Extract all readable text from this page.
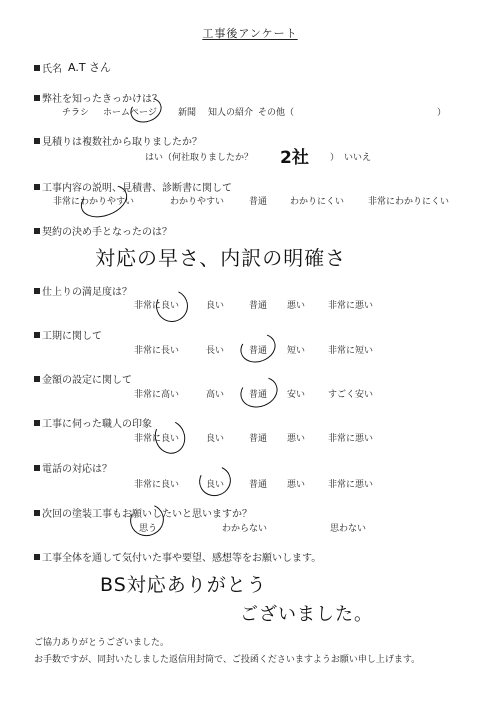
工事後アンケート
氏名 A.T さん
弊社を知ったきっかけは？
チラシ ホームページ 新聞 知人の紹介 その他（	）
見積りは複数社から取りましたか？
はい（何社取りましたか？ 2社 ） いいえ
工事内容の説明、見積書、診断書に関して
非常にわかりやすい	わかりやすい	普通	わかりにくい	非常にわかりにくい
契約の決め手となったのは？
対応の早さ、内訳の明確さ
仕上りの満足度は？
非常に良い	良い	普通 悪い	非常に悪い
工期に関して
非常に長い	長い	普通 短い	非常に短い
金額の設定に関して
非常に高い	高い	普通 安い	すごく安い
工事に伺った職人の印象
非常に良い	良い	普通 悪い	非常に悪い
電話の対応は？
非常に良い	良い	普通 悪い	非常に悪い
次回の塗装工事もお願いしたいと思いますか？
思う	わからない	思わない
工事全体を通して気付いた事や要望、感想等をお願いします。
BS対応ありがとう
ございました。
ご協力ありがとうございました。
お手数ですが、同封いたしました返信用封筒で、ご投函くださいますようお願い申し上げます。
